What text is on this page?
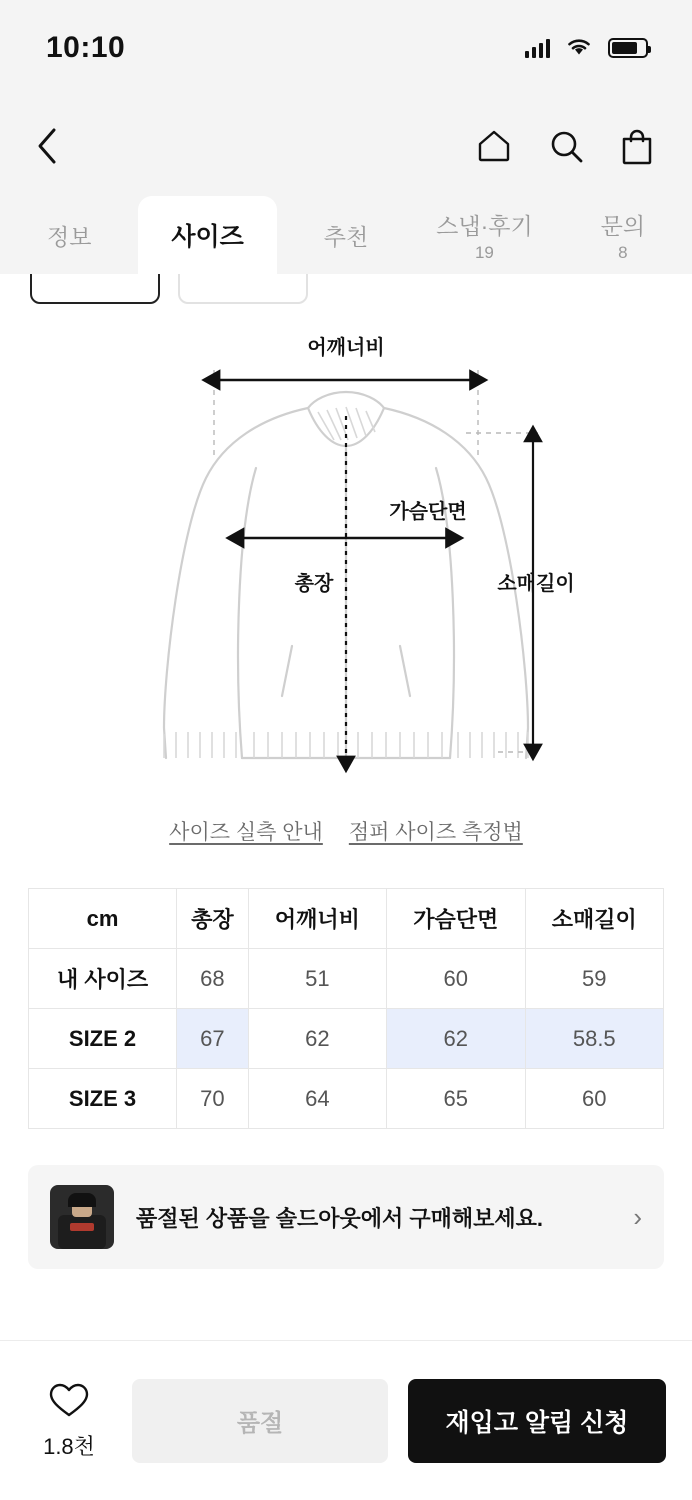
10:10
정보	사이즈	추천	스냅·후기
19
문의
8
어깨너비
가슴단면
총장	소매길이
사이즈 실측 안내 점퍼 사이즈 측정법
cm	총장	어깨너비	가슴단면	소매길이
내 사이즈	68	51	60	59
SIZE 2	67	62	62	58.5
SIZE 3	70	64	65	60
품절된 상품을 솔드아웃에서 구매해보세요.	›
1.8천
품절	재입고 알림 신청
